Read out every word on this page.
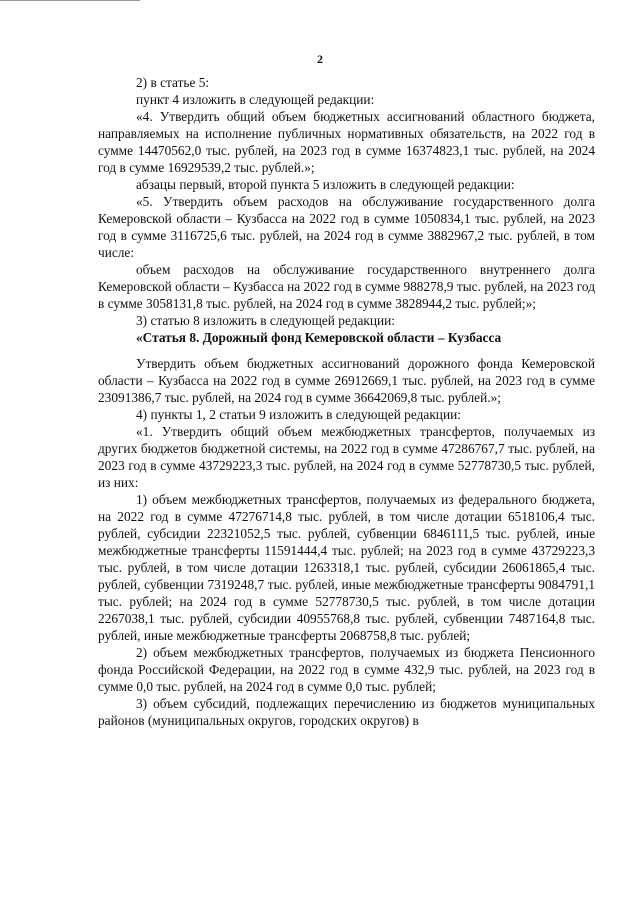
2

2) в статье 5:

пункт 4 изложить в следующей редакции:

«4. Утвердить общий объем бюджетных ассигнований областного бюджета, направляемых на исполнение публичных нормативных обязательств, на 2022 год в сумме 14470562,0 тыс. рублей, на 2023 год в сумме 16374823,1 тыс. рублей, на 2024 год в сумме 16929539,2 тыс. рублей.»;

абзацы первый, второй пункта 5 изложить в следующей редакции:

«5. Утвердить объем расходов на обслуживание государственного долга Кемеровской области – Кузбасса на 2022 год в сумме 1050834,1 тыс. рублей, на 2023 год в сумме 3116725,6 тыс. рублей, на 2024 год в сумме 3882967,2 тыс. рублей, в том числе:

объем расходов на обслуживание государственного внутреннего долга Кемеровской области – Кузбасса на 2022 год в сумме 988278,9 тыс. рублей, на 2023 год в сумме 3058131,8 тыс. рублей, на 2024 год в сумме 3828944,2 тыс. рублей;»;

3) статью 8 изложить в следующей редакции:

«Статья 8. Дорожный фонд Кемеровской области – Кузбасса

Утвердить объем бюджетных ассигнований дорожного фонда Кемеровской области – Кузбасса на 2022 год в сумме 26912669,1 тыс. рублей, на 2023 год в сумме 23091386,7 тыс. рублей, на 2024 год в сумме 36642069,8 тыс. рублей.»;

4) пункты 1, 2 статьи 9 изложить в следующей редакции:

«1. Утвердить общий объем межбюджетных трансфертов, получаемых из других бюджетов бюджетной системы, на 2022 год в сумме 47286767,7 тыс. рублей, на 2023 год в сумме 43729223,3 тыс. рублей, на 2024 год в сумме 52778730,5 тыс. рублей, из них:

1) объем межбюджетных трансфертов, получаемых из федерального бюджета, на 2022 год в сумме 47276714,8 тыс. рублей, в том числе дотации 6518106,4 тыс. рублей, субсидии 22321052,5 тыс. рублей, субвенции 6846111,5 тыс. рублей, иные межбюджетные трансферты 11591444,4 тыс. рублей; на 2023 год в сумме 43729223,3 тыс. рублей, в том числе дотации 1263318,1 тыс. рублей, субсидии 26061865,4 тыс. рублей, субвенции 7319248,7 тыс. рублей, иные межбюджетные трансферты 9084791,1 тыс. рублей; на 2024 год в сумме 52778730,5 тыс. рублей, в том числе дотации 2267038,1 тыс. рублей, субсидии 40955768,8 тыс. рублей, субвенции 7487164,8 тыс. рублей, иные межбюджетные трансферты 2068758,8 тыс. рублей;

2) объем межбюджетных трансфертов, получаемых из бюджета Пенсионного фонда Российской Федерации, на 2022 год в сумме 432,9 тыс. рублей, на 2023 год в сумме 0,0 тыс. рублей, на 2024 год в сумме 0,0 тыс. рублей;

3) объем субсидий, подлежащих перечислению из бюджетов муниципальных районов (муниципальных округов, городских округов) в
